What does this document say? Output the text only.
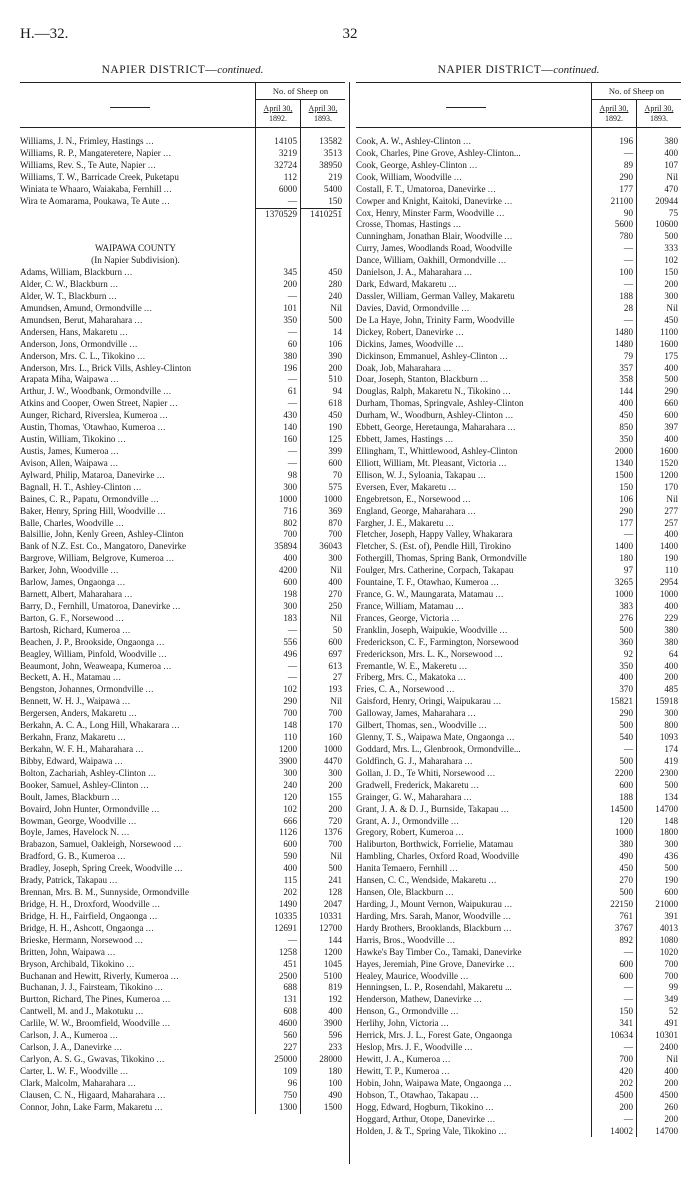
H.—32.	32
NAPIER DISTRICT—continued.
No. of Sheep on
April 30,
1892.
April 30,
1893.
Williams, J. N., Frimley, Hastings ...	14105	13582
Williams, R. P., Mangateretere, Napier ...	3219	3513
Williams, Rev. S., Te Aute, Napier ...	32724	38950
Williams, T. W., Barricade Creek, Puketapu	112	219
Winiata te Whaaro, Waiakaba, Fernhill ...	6000	5400
Wira te Aomarama, Poukawa, Te Aute ...	—	150
1370529	1410251
WAIPAWA COUNTY
(In Napier Subdivision).
Adams, William, Blackburn ...	345	450
Alder, C. W., Blackburn ...	200	280
Alder, W. T., Blackburn ...	—	240
Amundsen, Amund, Ormondville ...	101	Nil
Amundsen, Berut, Maharahara ...	350	500
Andersen, Hans, Makaretu ...	—	14
Anderson, Jons, Ormondville ...	60	106
Anderson, Mrs. C. L., Tikokino ...	380	390
Anderson, Mrs. L., Brick Vills, Ashley-Clinton	196	200
Arapata Miha, Waipawa ...	—	510
Arthur, J. W., Woodbank, Ormondville ...	61	94
Atkins and Cooper, Owen Street, Napier ...	—	618
Aunger, Richard, Riverslea, Kumeroa ...	430	450
Austin, Thomas, 'Otawhao, Kumeroa ...	140	190
Austin, William, Tikokino ...	160	125
Austis, James, Kumeroa ...	—	399
Avison, Allen, Waipawa ...	—	600
Aylward, Philip, Mataroa, Danevirke ...	98	70
Bagnall, H. T., Ashley-Clinton ...	300	575
Baines, C. R., Papatu, Ormondville ...	1000	1000
Baker, Henry, Spring Hill, Woodville ...	716	369
Balle, Charles, Woodville ...	802	870
Balsillie, John, Kenly Green, Ashley-Clinton	700	700
Bank of N.Z. Est. Co., Mangatoro, Danevirke	35894	36043
Bargrove, William, Belgrove, Kumeroa ...	400	300
Barker, John, Woodville ...	4200	Nil
Barlow, James, Ongaonga ...	600	400
Barnett, Albert, Maharahara ...	198	270
Barry, D., Fernhill, Umatoroa, Danevirke ...	300	250
Barton, G. F., Norsewood ...	183	Nil
Bartosh, Richard, Kumeroa ...	—	50
Beachen, J. P., Brookside, Ongaonga ...	556	600
Beagley, William, Pinfold, Woodville ...	496	697
Beaumont, John, Weaweapa, Kumeroa ...	—	613
Beckett, A. H., Matamau ...	—	27
Bengston, Johannes, Ormondville ...	102	193
Bennett, W. H. J., Waipawa ...	290	Nil
Bergersen, Anders, Makaretu ...	700	700
Berkahn, A. C. A., Long Hill, Whakarara ...	148	170
Berkahn, Franz, Makaretu ...	110	160
Berkahn, W. F. H., Maharahara ...	1200	1000
Bibby, Edward, Waipawa ...	3900	4470
Bolton, Zachariah, Ashley-Clinton ...	300	300
Booker, Samuel, Ashley-Clinton ...	240	200
Boult, James, Blackburn ...	120	155
Bovaird, John Hunter, Ormondville ...	102	200
Bowman, George, Woodville ...	666	720
Boyle, James, Havelock N. ...	1126	1376
Brabazon, Samuel, Oakleigh, Norsewood ...	600	700
Bradford, G. B., Kumeroa ...	590	Nil
Bradley, Joseph, Spring Creek, Woodville ...	400	500
Brady, Patrick, Takapau ...	115	241
Brennan, Mrs. B. M., Sunnyside, Ormondville	202	128
Bridge, H. H., Droxford, Woodville ...	1490	2047
Bridge, H. H., Fairfield, Ongaonga ...	10335	10331
Bridge, H. H., Ashcott, Ongaonga ...	12691	12700
Brieske, Hermann, Norsewood ...	—	144
Britten, John, Waipawa ...	1258	1200
Bryson, Archibald, Tikokino ...	451	1045
Buchanan and Hewitt, Riverly, Kumeroa ...	2500	5100
Buchanan, J. J., Fairsteam, Tikokino ...	688	819
Burtton, Richard, The Pines, Kumeroa ...	131	192
Cantwell, M. and J., Makotuku ...	608	400
Carlile, W. W., Broomfield, Woodville ...	4600	3900
Carlson, J. A., Kumeroa ...	560	596
Carlson, J. A., Danevirke ...	227	233
Carlyon, A. S. G., Gwavas, Tikokino ...	25000	28000
Carter, L. W. F., Woodville ...	109	180
Clark, Malcolm, Maharahara ...	96	100
Clausen, C. N., Higaard, Maharahara ...	750	490
Connor, John, Lake Farm, Makaretu ...	1300	1500
NAPIER DISTRICT—continued.
No. of Sheep on
April 30,
1892.
April 30,
1893.
Cook, A. W., Ashley-Clinton ...	196	380
Cook, Charles, Pine Grove, Ashley-Clinton...	—	400
Cook, George, Ashley-Clinton ...	89	107
Cook, William, Woodville ...	290	Nil
Costall, F. T., Umatoroa, Danevirke ...	177	470
Cowper and Knight, Kaitoki, Danevirke ...	21100	20944
Cox, Henry, Minster Farm, Woodville ...	90	75
Crosse, Thomas, Hastings ...	5600	10600
Cunningham, Jonathan Blair, Woodville ...	780	500
Curry, James, Woodlands Road, Woodville	—	333
Dance, William, Oakhill, Ormondville ...	—	102
Danielson, J. A., Maharahara ...	100	150
Dark, Edward, Makaretu ...	—	200
Dassler, William, German Valley, Makaretu	188	300
Davies, David, Ormondville ...	28	Nil
De La Haye, John, Trinity Farm, Woodville	—	450
Dickey, Robert, Danevirke ...	1480	1100
Dickins, James, Woodville ...	1480	1600
Dickinson, Emmanuel, Ashley-Clinton ...	79	175
Doak, Job, Maharahara ...	357	400
Doar, Joseph, Stanton, Blackburn ...	358	500
Douglas, Ralph, Makaretu N., Tikokino ...	144	290
Durham, Thomas, Springvale, Ashley-Clinton	400	660
Durham, W., Woodburn, Ashley-Clinton ...	450	600
Ebbett, George, Heretaunga, Maharahara ...	850	397
Ebbett, James, Hastings ...	350	400
Ellingham, T., Whittlewood, Ashley-Clinton	2000	1600
Elliott, William, Mt. Pleasant, Victoria ...	1340	1520
Ellison, W. J., Syloania, Takapau ...	1500	1200
Eversen, Ever, Makaretu ...	150	170
Engebretson, E., Norsewood ...	106	Nil
England, George, Maharahara ...	290	277
Fargher, J. E., Makaretu ...	177	257
Fletcher, Joseph, Happy Valley, Whakarara	—	400
Fletcher, S. (Est. of), Pendle Hill, Tirokino	1400	1400
Fothergill, Thomas, Spring Bank, Ormondville	180	190
Foulger, Mrs. Catherine, Corpach, Takapau	97	110
Fountaine, T. F., Otawhao, Kumeroa ...	3265	2954
France, G. W., Maungarata, Matamau ...	1000	1000
France, William, Matamau ...	383	400
Frances, George, Victoria ...	276	229
Franklin, Joseph, Waipukie, Woodville ...	500	380
Frederickson, C. F., Farmington, Norsewood	360	380
Frederickson, Mrs. L. K., Norsewood ...	92	64
Fremantle, W. E., Makeretu ...	350	400
Friberg, Mrs. C., Makatoka ...	400	200
Fries, C. A., Norsewood ...	370	485
Gaisford, Henry, Oringi, Waipukarau ...	15821	15918
Galloway, James, Maharahara ...	290	300
Gilbert, Thomas, sen., Woodville ...	500	800
Glenny, T. S., Waipawa Mate, Ongaonga ...	540	1093
Goddard, Mrs. L., Glenbrook, Ormondville...	—	174
Goldfinch, G. J., Maharahara ...	500	419
Gollan, J. D., Te Whiti, Norsewood ...	2200	2300
Gradwell, Frederick, Makaretu ...	600	500
Grainger, G. W., Maharahara ...	188	134
Grant, J. A. & D. J., Burnside, Takapau ...	14500	14700
Grant, A. J., Ormondville ...	120	148
Gregory, Robert, Kumeroa ...	1000	1800
Haliburton, Borthwick, Forrielie, Matamau	380	300
Hambling, Charles, Oxford Road, Woodville	490	436
Hanita Temaero, Fernhill ...	450	500
Hansen, C. C., Wendside, Makaretu ...	270	190
Hansen, Ole, Blackburn ...	500	600
Harding, J., Mount Vernon, Waipukurau ...	22150	21000
Harding, Mrs. Sarah, Manor, Woodville ...	761	391
Hardy Brothers, Brooklands, Blackburn ...	3767	4013
Harris, Bros., Woodville ...	892	1080
Hawke's Bay Timber Co., Tamaki, Danevirke	—	1020
Hayes, Jeremiah, Pine Grove, Danevirke ...	600	700
Healey, Maurice, Woodville ...	600	700
Henningsen, L. P., Rosendahl, Makaretu ...	—	99
Henderson, Mathew, Danevirke ...	—	349
Henson, G., Ormondville ...	150	52
Herlihy, John, Victoria ...	341	491
Herrick, Mrs. J. L., Forest Gate, Ongaonga	10634	10301
Heslop, Mrs. J. F., Woodville ...	—	2400
Hewitt, J. A., Kumeroa ...	700	Nil
Hewitt, T. P., Kumeroa ...	420	400
Hobin, John, Waipawa Mate, Ongaonga ...	202	200
Hobson, T., Otawhao, Takapau ...	4500	4500
Hogg, Edward, Hogburn, Tikokino ...	200	260
Hoggard, Arthur, Otope, Danevirke ...	—	200
Holden, J. & T., Spring Vale, Tikokino ...	14002	14700
